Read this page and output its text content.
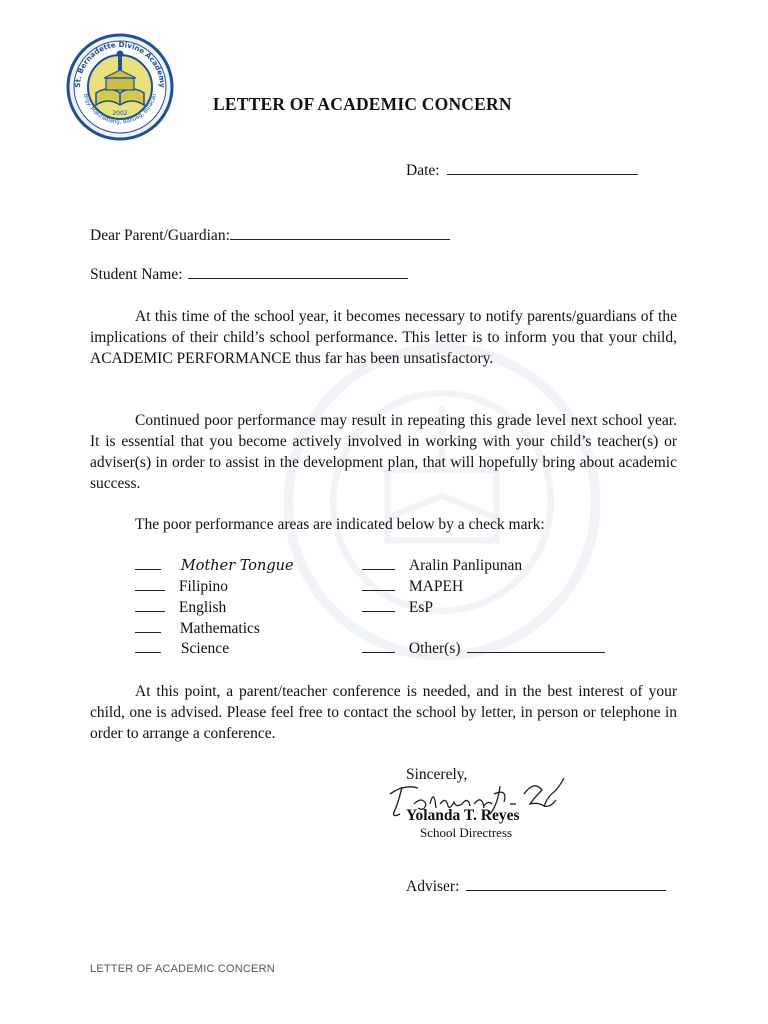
St. Bernadette Divine Academy
Brgy. Makinabang, Baliuag, Bulacan
2002	LETTER OF ACADEMIC CONCERN
Date:
Dear Parent/Guardian:
Student Name:
At this time of the school year, it becomes necessary to notify parents/guardians of the implications of their child’s school performance. This letter is to inform you that your child, ACADEMIC PERFORMANCE thus far has been unsatisfactory.
Continued poor performance may result in repeating this grade level next school year. It is essential that you become actively involved in working with your child’s teacher(s) or adviser(s) in order to assist in the development plan, that will hopefully bring about academic success.
The poor performance areas are indicated below by a check mark:
Mother Tongue
Filipino
English
Mathematics
Science
Aralin Panlipunan
MAPEH
EsP
Other(s)
At this point, a parent/teacher conference is needed, and in the best interest of your child, one is advised. Please feel free to contact the school by letter, in person or telephone in order to arrange a conference.
Sincerely,
Yolanda T. Reyes
School Directress
Adviser:
LETTER OF ACADEMIC CONCERN
